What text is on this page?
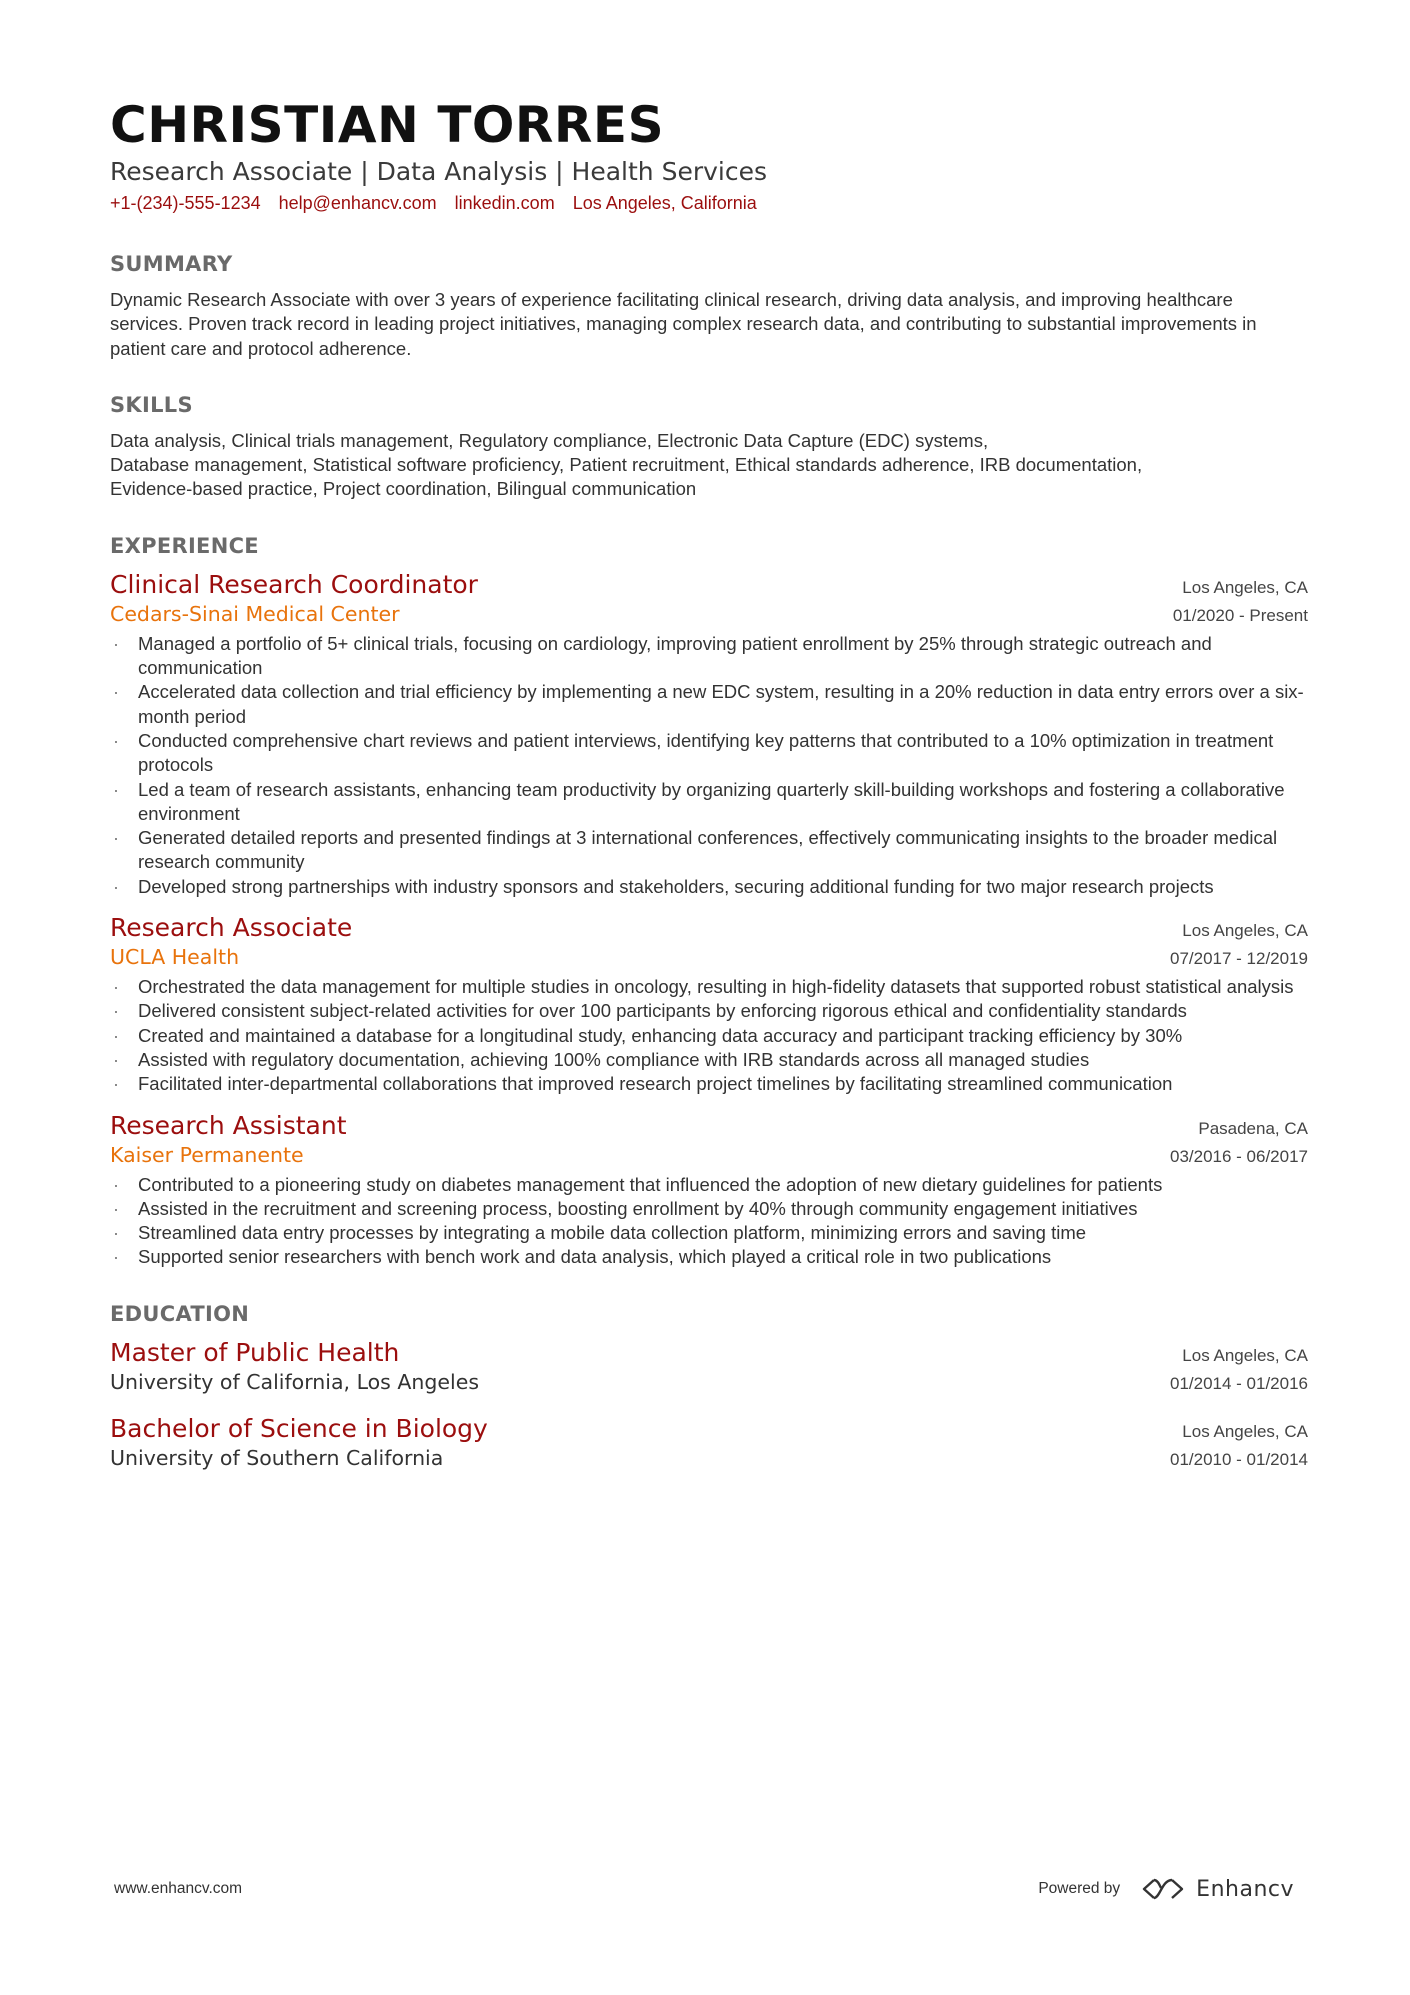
CHRISTIAN TORRES
Research Associate | Data Analysis | Health Services
+1-(234)-555-1234 help@enhancv.com linkedin.com Los Angeles, California
SUMMARY
Dynamic Research Associate with over 3 years of experience facilitating clinical research, driving data analysis, and improving healthcare services. Proven track record in leading project initiatives, managing complex research data, and contributing to substantial improvements in patient care and protocol adherence.
SKILLS
Data analysis, Clinical trials management, Regulatory compliance, Electronic Data Capture (EDC) systems,
Database management, Statistical software proficiency, Patient recruitment, Ethical standards adherence, IRB documentation,
Evidence-based practice, Project coordination, Bilingual communication
EXPERIENCE
Clinical Research Coordinator	Los Angeles, CA
Cedars-Sinai Medical Center	01/2020 - Present
· Managed a portfolio of 5+ clinical trials, focusing on cardiology, improving patient enrollment by 25% through strategic outreach and communication
· Accelerated data collection and trial efficiency by implementing a new EDC system, resulting in a 20% reduction in data entry errors over a six-month period
· Conducted comprehensive chart reviews and patient interviews, identifying key patterns that contributed to a 10% optimization in treatment protocols
· Led a team of research assistants, enhancing team productivity by organizing quarterly skill-building workshops and fostering a collaborative environment
· Generated detailed reports and presented findings at 3 international conferences, effectively communicating insights to the broader medical research community
· Developed strong partnerships with industry sponsors and stakeholders, securing additional funding for two major research projects
Research Associate	Los Angeles, CA
UCLA Health	07/2017 - 12/2019
· Orchestrated the data management for multiple studies in oncology, resulting in high-fidelity datasets that supported robust statistical analysis
· Delivered consistent subject-related activities for over 100 participants by enforcing rigorous ethical and confidentiality standards
· Created and maintained a database for a longitudinal study, enhancing data accuracy and participant tracking efficiency by 30%
· Assisted with regulatory documentation, achieving 100% compliance with IRB standards across all managed studies
· Facilitated inter-departmental collaborations that improved research project timelines by facilitating streamlined communication
Research Assistant	Pasadena, CA
Kaiser Permanente	03/2016 - 06/2017
· Contributed to a pioneering study on diabetes management that influenced the adoption of new dietary guidelines for patients
· Assisted in the recruitment and screening process, boosting enrollment by 40% through community engagement initiatives
· Streamlined data entry processes by integrating a mobile data collection platform, minimizing errors and saving time
· Supported senior researchers with bench work and data analysis, which played a critical role in two publications
EDUCATION
Master of Public Health	Los Angeles, CA
University of California, Los Angeles	01/2014 - 01/2016
Bachelor of Science in Biology	Los Angeles, CA
University of Southern California	01/2010 - 01/2014
www.enhancv.com	Powered by	Enhancv
